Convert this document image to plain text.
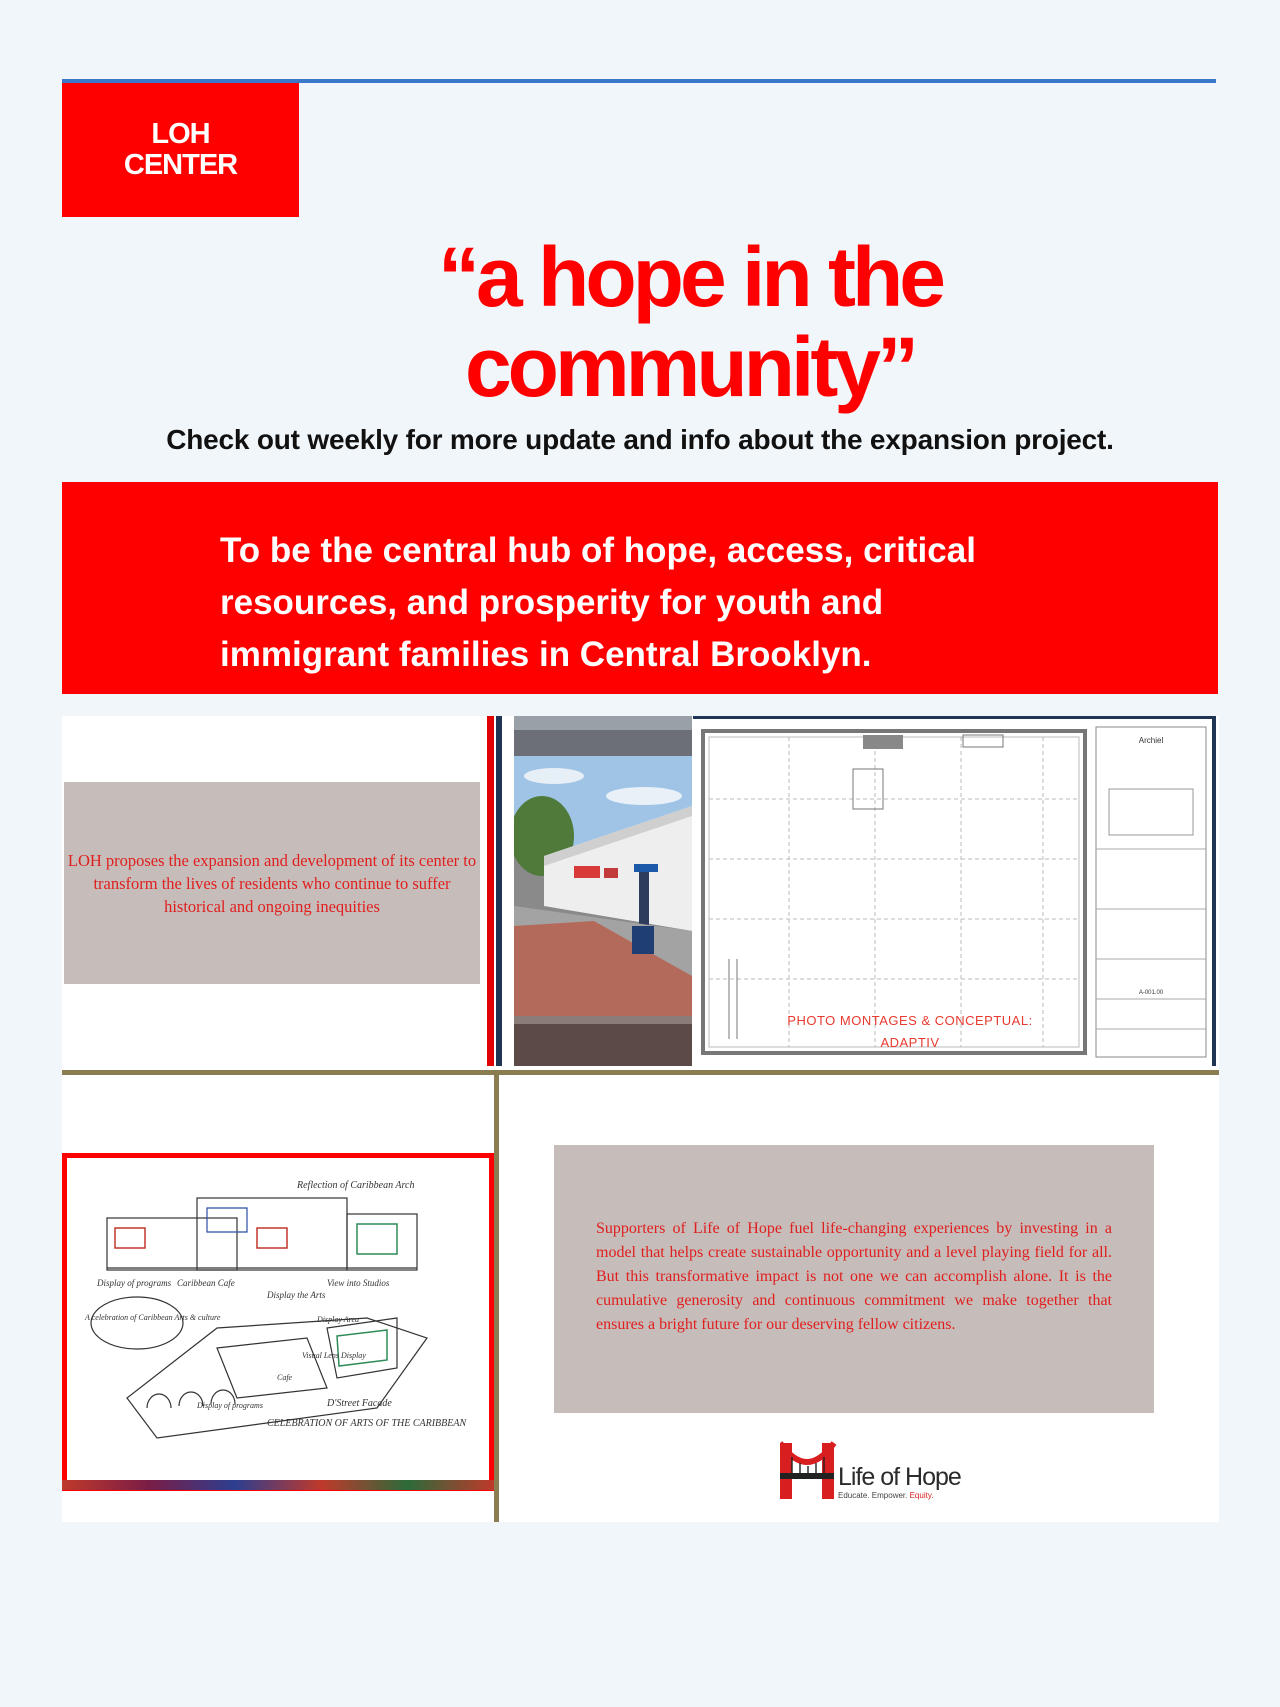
LOH
CENTER
“a hope in the
community”
Check out weekly for more update and info about the expansion project.
To be the central hub of hope, access, critical
resources, and prosperity for youth and
immigrant families in Central Brooklyn.
LOH proposes the expansion and development of its center to transform the lives of residents who continue to suffer historical and ongoing inequities
Archiel
A-001.00
PHOTO MONTAGES & CONCEPTUAL:
ADAPTIV
Reflection of Caribbean Arch
Display of programs Caribbean Cafe	View into Studios
Display the Arts
A celebration of Caribbean Arts & culture	Display Area
Visual Lens Display
Cafe
Display of programs	D'Street Facade
CELEBRATION OF ARTS OF THE CARIBBEAN

Supporters of Life of Hope fuel life-changing experiences by investing in a model that helps create sustainable opportunity and a level playing field for all. But this transformative impact is not one we can accomplish alone. It is the cumulative generosity and continuous commitment we make together that ensures a bright future for our deserving fellow citizens.

Life of Hope
Educate. Empower. Equity.
